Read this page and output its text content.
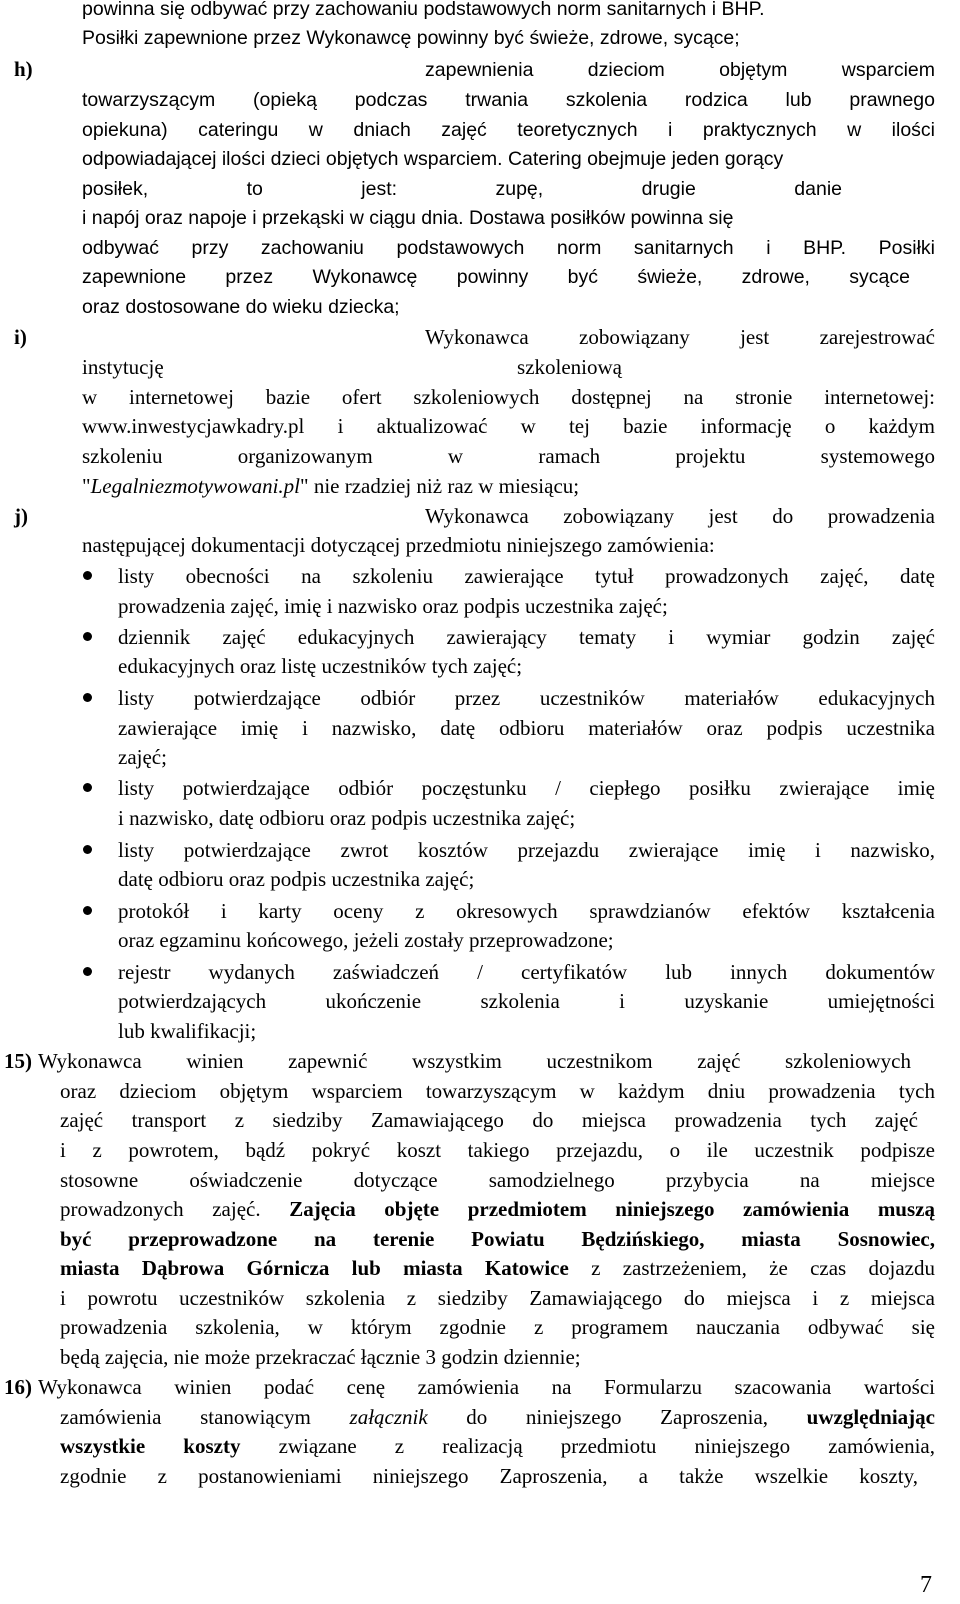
powinna się odbywać przy zachowaniu podstawowych norm sanitarnych i BHP.
Posiłki zapewnione przez Wykonawcę powinny być świeże, zdrowe, sycące;
h)	zapewnienia dzieciom objętym wsparciem
towarzyszącym (opieką podczas trwania szkolenia rodzica lub prawnego
opiekuna) cateringu w dniach zajęć teoretycznych i praktycznych w ilości
odpowiadającej ilości dzieci objętych wsparciem. Catering obejmuje jeden gorący
posiłek, to jest: zupę, drugie danie
i napój oraz napoje i przekąski w ciągu dnia. Dostawa posiłków powinna się
odbywać przy zachowaniu podstawowych norm sanitarnych i BHP. Posiłki
zapewnione przez Wykonawcę powinny być świeże, zdrowe, sycące
oraz dostosowane do wieku dziecka;
i)	Wykonawca zobowiązany jest zarejestrować
instytucję szkoleniową
w internetowej bazie ofert szkoleniowych dostępnej na stronie internetowej:
www.inwestycjawkadry.pl i aktualizować w tej bazie informację o każdym
szkoleniu organizowanym w ramach projektu systemowego
"Legalniezmotywowani.pl" nie rzadziej niż raz w miesiącu;
j)	Wykonawca zobowiązany jest do prowadzenia
następującej dokumentacji dotyczącej przedmiotu niniejszego zamówienia:
listy obecności na szkoleniu zawierające tytuł prowadzonych zajęć, datę
prowadzenia zajęć, imię i nazwisko oraz podpis uczestnika zajęć;
dziennik zajęć edukacyjnych zawierający tematy i wymiar godzin zajęć
edukacyjnych oraz listę uczestników tych zajęć;
listy potwierdzające odbiór przez uczestników materiałów edukacyjnych
zawierające imię i nazwisko, datę odbioru materiałów oraz podpis uczestnika
zajęć;
listy potwierdzające odbiór poczęstunku / ciepłego posiłku zwierające imię
i nazwisko, datę odbioru oraz podpis uczestnika zajęć;
listy potwierdzające zwrot kosztów przejazdu zwierające imię i nazwisko,
datę odbioru oraz podpis uczestnika zajęć;
protokół i karty oceny z okresowych sprawdzianów efektów kształcenia
oraz egzaminu końcowego, jeżeli zostały przeprowadzone;
rejestr wydanych zaświadczeń / certyfikatów lub innych dokumentów
potwierdzających ukończenie szkolenia i uzyskanie umiejętności
lub kwalifikacji;
15) Wykonawca winien zapewnić wszystkim uczestnikom zajęć szkoleniowych
oraz dzieciom objętym wsparciem towarzyszącym w każdym dniu prowadzenia tych
zajęć transport z siedziby Zamawiającego do miejsca prowadzenia tych zajęć
i z powrotem, bądź pokryć koszt takiego przejazdu, o ile uczestnik podpisze
stosowne oświadczenie dotyczące samodzielnego przybycia na miejsce
prowadzonych zajęć. Zajęcia objęte przedmiotem niniejszego zamówienia muszą
być przeprowadzone na terenie Powiatu Będzińskiego, miasta Sosnowiec,
miasta Dąbrowa Górnicza lub miasta Katowice z zastrzeżeniem, że czas dojazdu
i powrotu uczestników szkolenia z siedziby Zamawiającego do miejsca i z miejsca
prowadzenia szkolenia, w którym zgodnie z programem nauczania odbywać się
będą zajęcia, nie może przekraczać łącznie 3 godzin dziennie;
16) Wykonawca winien podać cenę zamówienia na Formularzu szacowania wartości
zamówienia stanowiącym załącznik do niniejszego Zaproszenia, uwzględniając
wszystkie koszty związane z realizacją przedmiotu niniejszego zamówienia,
zgodnie z postanowieniami niniejszego Zaproszenia, a także wszelkie koszty,
7
